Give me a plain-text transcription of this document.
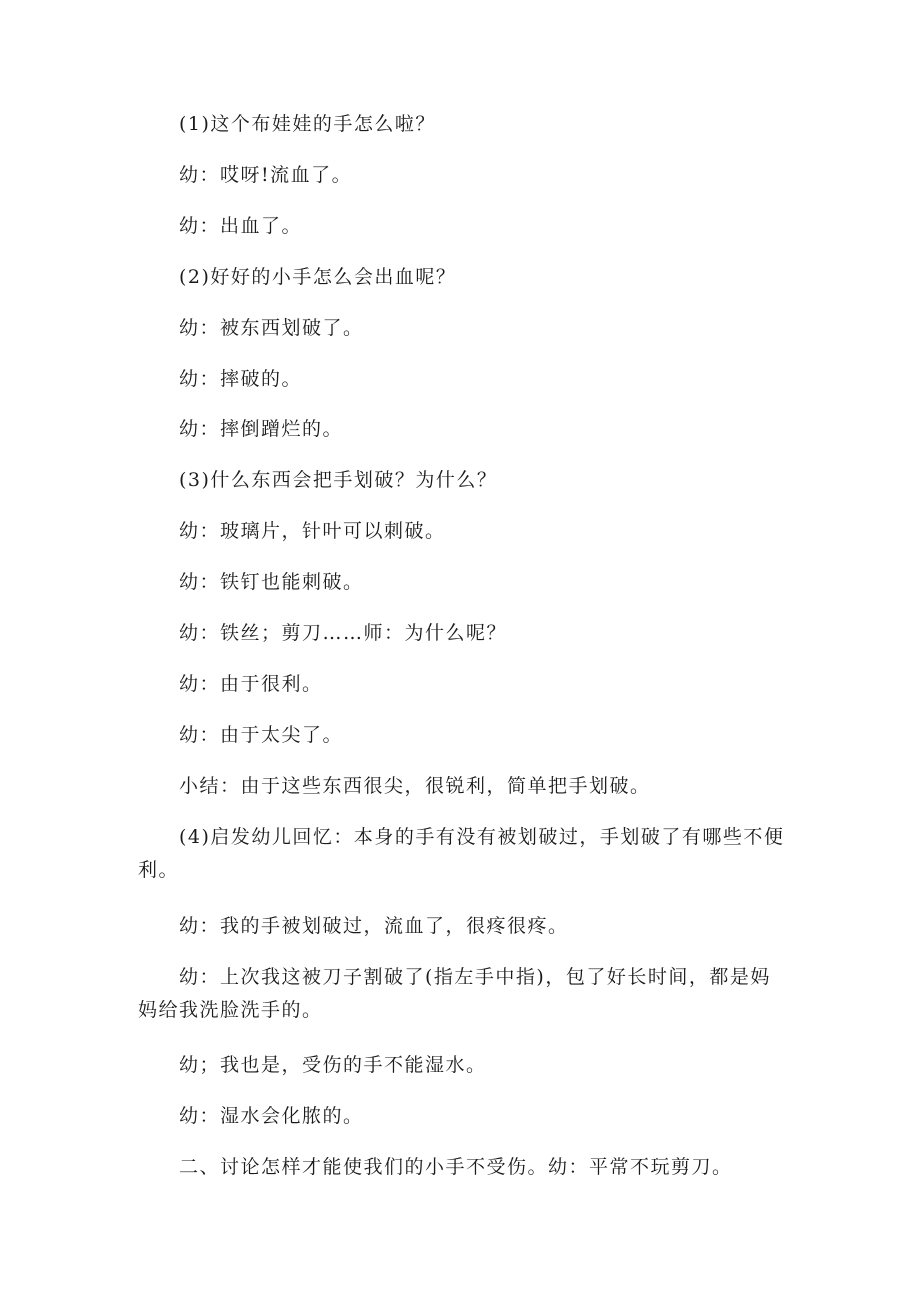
(1)这个布娃娃的手怎么啦？

幼：哎呀!流血了。

幼：出血了。

(2)好好的小手怎么会出血呢？

幼：被东西划破了。

幼：摔破的。

幼：摔倒蹭烂的。

(3)什么东西会把手划破？为什么？

幼：玻璃片，针叶可以刺破。

幼：铁钉也能刺破。

幼：铁丝；剪刀……师：为什么呢？

幼：由于很利。

幼：由于太尖了。

小结：由于这些东西很尖，很锐利，简单把手划破。

(4)启发幼儿回忆：本身的手有没有被划破过，手划破了有哪些不便利。

幼：我的手被划破过，流血了，很疼很疼。

幼：上次我这被刀子割破了(指左手中指)，包了好长时间，都是妈妈给我洗脸洗手的。

幼；我也是，受伤的手不能湿水。

幼：湿水会化脓的。

二、讨论怎样才能使我们的小手不受伤。幼：平常不玩剪刀。
